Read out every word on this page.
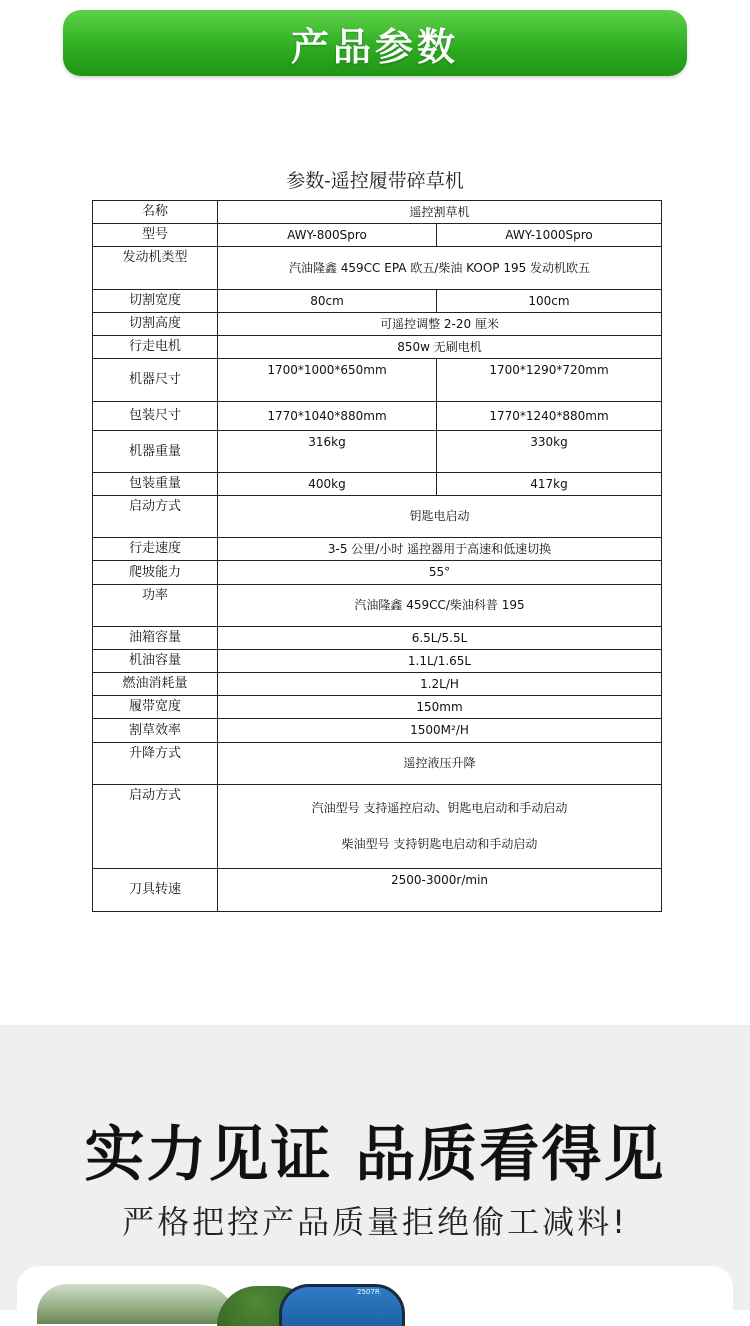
产品参数
参数-遥控履带碎草机
名称	遥控割草机	
型号	AWY-800Spro	AWY-1000Spro
发动机类型	汽油隆鑫 459CC EPA 欧五/柴油 KOOP 195 发动机欧五	
切割宽度	80cm	100cm
切割高度	可遥控调整 2-20 厘米	
行走电机	850w 无刷电机	
机器尺寸	1700*1000*650mm	1700*1290*720mm
包装尺寸	1770*1040*880mm	1770*1240*880mm
机器重量	316kg	330kg
包装重量	400kg	417kg
启动方式	钥匙电启动	
行走速度	3-5 公里/小时 遥控器用于高速和低速切换	
爬坡能力	55°	
功率	汽油隆鑫 459CC/柴油科普 195	
油箱容量	6.5L/5.5L	
机油容量	1.1L/1.65L	
燃油消耗量	1.2L/H	
履带宽度	150mm	
割草效率	1500M²/H	
升降方式	遥控液压升降	
启动方式	汽油型号 支持遥控启动、钥匙电启动和手动启动
柴油型号 支持钥匙电启动和手动启动	

刀具转速	2500-3000r/min	
实力见证 品质看得见
严格把控产品质量拒绝偷工减料!
2507R
